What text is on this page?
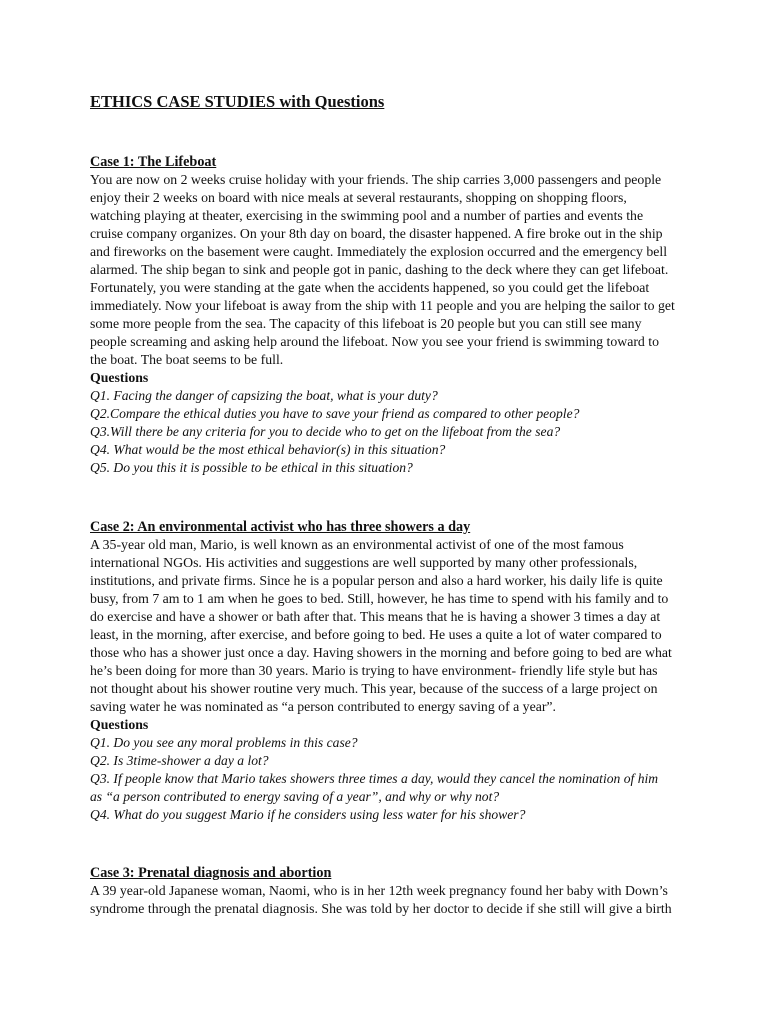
ETHICS CASE STUDIES with Questions
Case 1: The Lifeboat
You are now on 2 weeks cruise holiday with your friends. The ship carries 3,000 passengers and people
enjoy their 2 weeks on board with nice meals at several restaurants, shopping on shopping floors,
watching playing at theater, exercising in the swimming pool and a number of parties and events the
cruise company organizes. On your 8th day on board, the disaster happened. A fire broke out in the ship
and fireworks on the basement were caught. Immediately the explosion occurred and the emergency bell
alarmed. The ship began to sink and people got in panic, dashing to the deck where they can get lifeboat.
Fortunately, you were standing at the gate when the accidents happened, so you could get the lifeboat
immediately. Now your lifeboat is away from the ship with 11 people and you are helping the sailor to get
some more people from the sea. The capacity of this lifeboat is 20 people but you can still see many
people screaming and asking help around the lifeboat. Now you see your friend is swimming toward to
the boat. The boat seems to be full.
Questions
Q1. Facing the danger of capsizing the boat, what is your duty?
Q2.Compare the ethical duties you have to save your friend as compared to other people?
Q3.Will there be any criteria for you to decide who to get on the lifeboat from the sea?
Q4. What would be the most ethical behavior(s) in this situation?
Q5. Do you this it is possible to be ethical in this situation?
Case 2: An environmental activist who has three showers a day
A 35-year old man, Mario, is well known as an environmental activist of one of the most famous
international NGOs. His activities and suggestions are well supported by many other professionals,
institutions, and private firms. Since he is a popular person and also a hard worker, his daily life is quite
busy, from 7 am to 1 am when he goes to bed. Still, however, he has time to spend with his family and to
do exercise and have a shower or bath after that. This means that he is having a shower 3 times a day at
least, in the morning, after exercise, and before going to bed. He uses a quite a lot of water compared to
those who has a shower just once a day. Having showers in the morning and before going to bed are what
he’s been doing for more than 30 years. Mario is trying to have environment- friendly life style but has
not thought about his shower routine very much. This year, because of the success of a large project on
saving water he was nominated as “a person contributed to energy saving of a year”.
Questions
Q1. Do you see any moral problems in this case?
Q2. Is 3time-shower a day a lot?
Q3. If people know that Mario takes showers three times a day, would they cancel the nomination of him
as “a person contributed to energy saving of a year”, and why or why not?
Q4. What do you suggest Mario if he considers using less water for his shower?
Case 3: Prenatal diagnosis and abortion
A 39 year-old Japanese woman, Naomi, who is in her 12th week pregnancy found her baby with Down’s
syndrome through the prenatal diagnosis. She was told by her doctor to decide if she still will give a birth
